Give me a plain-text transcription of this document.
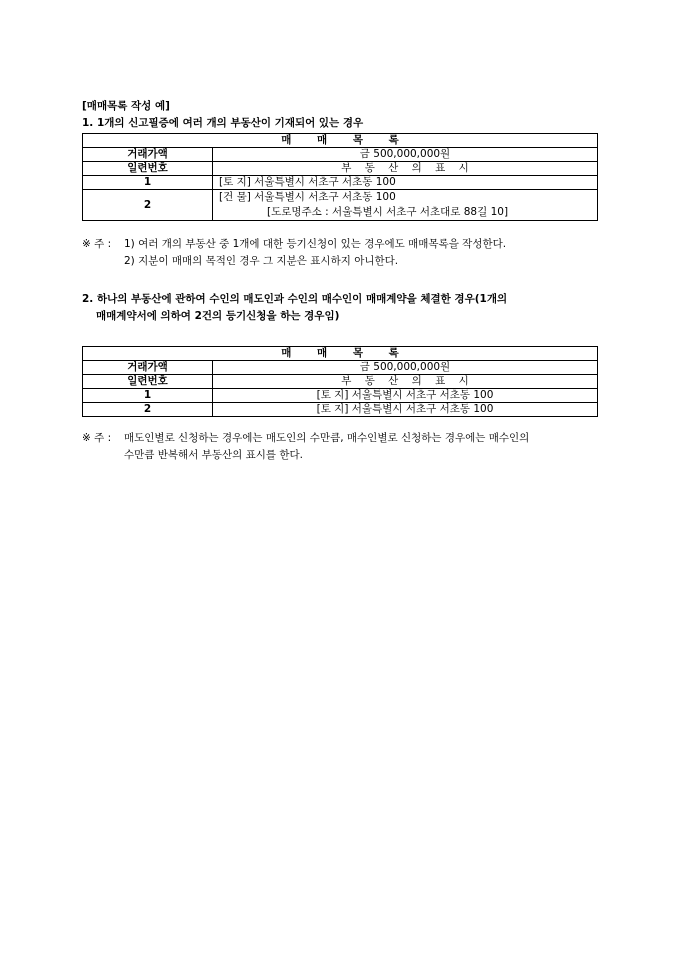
[매매목록 작성 예]
1. 1개의 신고필증에 여러 개의 부동산이 기재되어 있는 경우
매 매 목 록	
거래가액	금 500,000,000원
일련번호	부 동 산 의 표 시
1	[토 지] 서울특별시 서초구 서초동 100
2	[건 물] 서울특별시 서초구 서초동 100
[도로명주소 : 서울특별시 서초구 서초대로 88길 10]
※ 주 : 1) 여러 개의 부동산 중 1개에 대한 등기신청이 있는 경우에도 매매목록을 작성한다.
2) 지분이 매매의 목적인 경우 그 지분은 표시하지 아니한다.
2. 하나의 부동산에 관하여 수인의 매도인과 수인의 매수인이 매매계약을 체결한 경우(1개의
매매계약서에 의하여 2건의 등기신청을 하는 경우임)
매 매 목 록	
거래가액	금 500,000,000원
일련번호	부 동 산 의 표 시
1	[토 지] 서울특별시 서초구 서초동 100
2	[토 지] 서울특별시 서초구 서초동 100
※ 주 : 매도인별로 신청하는 경우에는 매도인의 수만큼, 매수인별로 신청하는 경우에는 매수인의
수만큼 반복해서 부동산의 표시를 한다.
